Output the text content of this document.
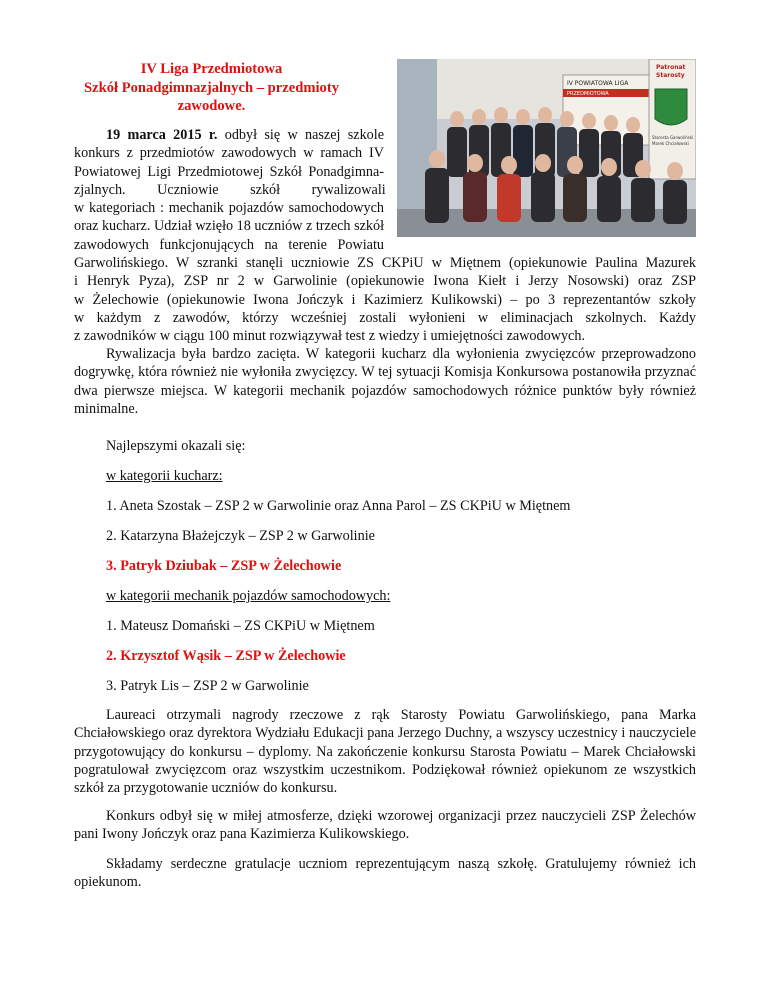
IV Liga Przedmiotowa
Szkół Ponadgimnazjalnych – przedmioty
zawodowe.
IV POWIATOWA LIGA
PRZEDMIOTOWA
Patronat
Starosty
Starosta Garwoliński
Marek Chciałowski
19 marca 2015 r. odbył się w naszej szkole
konkurs z przedmiotów zawodowych w ramach IV
Powiatowej Ligi Przedmiotowej Szkół Ponadgimna-
zjalnych. Uczniowie szkół rywalizowali
w kategoriach : mechanik pojazdów samochodowych
oraz kucharz. Udział wzięło 18 uczniów z trzech szkół
zawodowych funkcjonujących na terenie Powiatu
Garwolińskiego. W szranki stanęli uczniowie ZS CKPiU w Miętnem (opiekunowie Paulina Mazurek
i Henryk Pyza), ZSP nr 2 w Garwolinie (opiekunowie Iwona Kiełt i Jerzy Nosowski) oraz ZSP
w Żelechowie (opiekunowie Iwona Jończyk i Kazimierz Kulikowski) – po 3 reprezentantów szkoły
w każdym z zawodów, którzy wcześniej zostali wyłonieni w eliminacjach szkolnych. Każdy
z zawodników w ciągu 100 minut rozwiązywał test z wiedzy i umiejętności zawodowych.

Rywalizacja była bardzo zacięta. W kategorii kucharz dla wyłonienia zwycięzców przeprowadzono dogrywkę, która również nie wyłoniła zwycięzcy. W tej sytuacji Komisja Konkursowa postanowiła przyznać dwa pierwsze miejsca. W kategorii mechanik pojazdów samochodowych różnice punktów były również minimalne.

Najlepszymi okazali się:

w kategorii kucharz:

1. Aneta Szostak – ZSP 2 w Garwolinie oraz Anna Parol – ZS CKPiU w Miętnem

2. Katarzyna Błażejczyk – ZSP 2 w Garwolinie

3. Patryk Dziubak – ZSP w Żelechowie

w kategorii mechanik pojazdów samochodowych:

1. Mateusz Domański – ZS CKPiU w Miętnem

2. Krzysztof Wąsik – ZSP w Żelechowie

3. Patryk Lis – ZSP 2 w Garwolinie

Laureaci otrzymali nagrody rzeczowe z rąk Starosty Powiatu Garwolińskiego, pana Marka Chciałowskiego oraz dyrektora Wydziału Edukacji pana Jerzego Duchny, a wszyscy uczestnicy i nauczyciele przygotowujący do konkursu – dyplomy. Na zakończenie konkursu Starosta Powiatu – Marek Chciałowski pogratulował zwycięzcom oraz wszystkim uczestnikom. Podziękował również opiekunom ze wszystkich szkół za przygotowanie uczniów do konkursu.

Konkurs odbył się w miłej atmosferze, dzięki wzorowej organizacji przez nauczycieli ZSP Żelechów pani Iwony Jończyk oraz pana Kazimierza Kulikowskiego.

Składamy serdeczne gratulacje uczniom reprezentującym naszą szkołę. Gratulujemy również ich opiekunom.
